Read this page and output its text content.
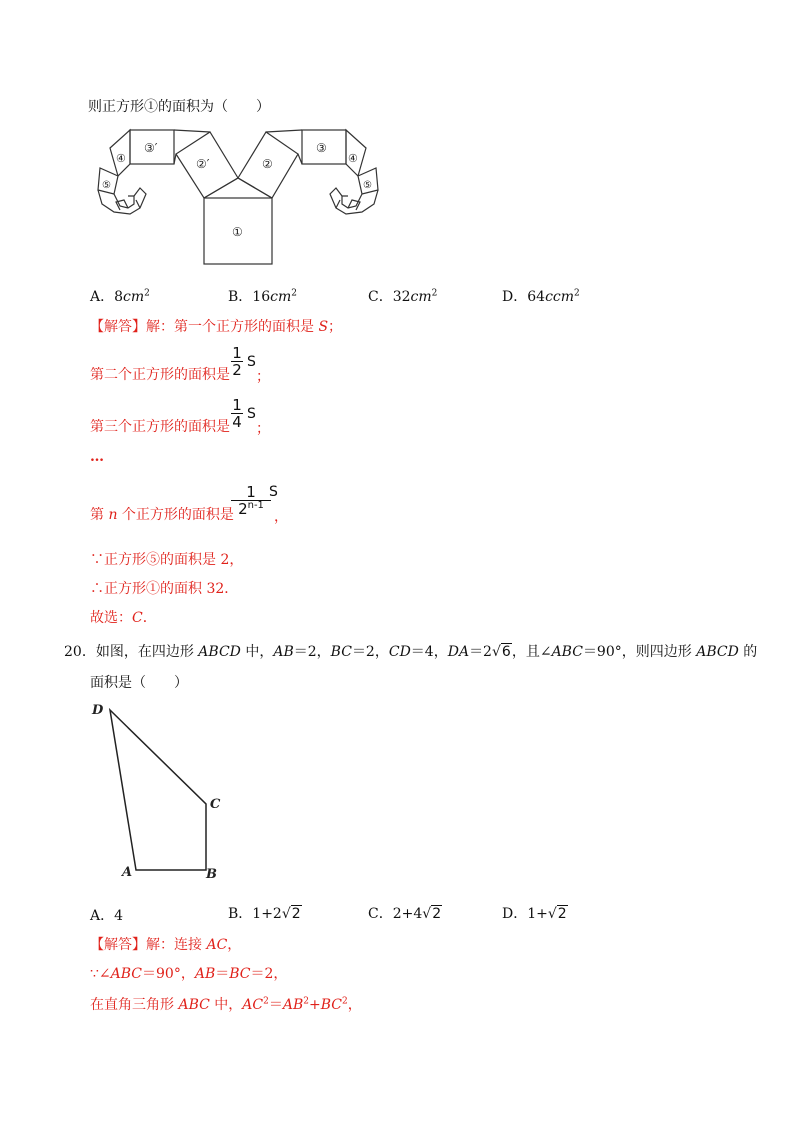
则正方形①的面积为（　　）
①
②
②′
③
③′
④
④
⑤
⑤
A．$8cm^2$	B．$16cm^2$	C．$32cm^2$	D．64ccm$^2$
【解答】解：第一个正方形的面积是 S；
第二个正方形的面积是
1
2 S
；
第三个正方形的面积是
1
4 S
；
…
第 n 个正方形的面积是
1
2$^{n-1}$
S
，
∵正方形⑤的面积是 2，
∴正方形①的面积 32．
故选：C．
20．如图，在四边形 ABCD 中，AB＝2，BC＝2，CD＝4，DA＝2√6，且∠ABC＝90°，则四边形 ABCD 的
面积是（　　）
D
C
A	B
A．4	B．1+2√2	C．2+4√2	D．1+√2
【解答】解：连接 AC，
∵∠ABC＝90°，AB＝BC＝2，
在直角三角形 ABC 中，$AC^2=AB^2+BC^2$，
